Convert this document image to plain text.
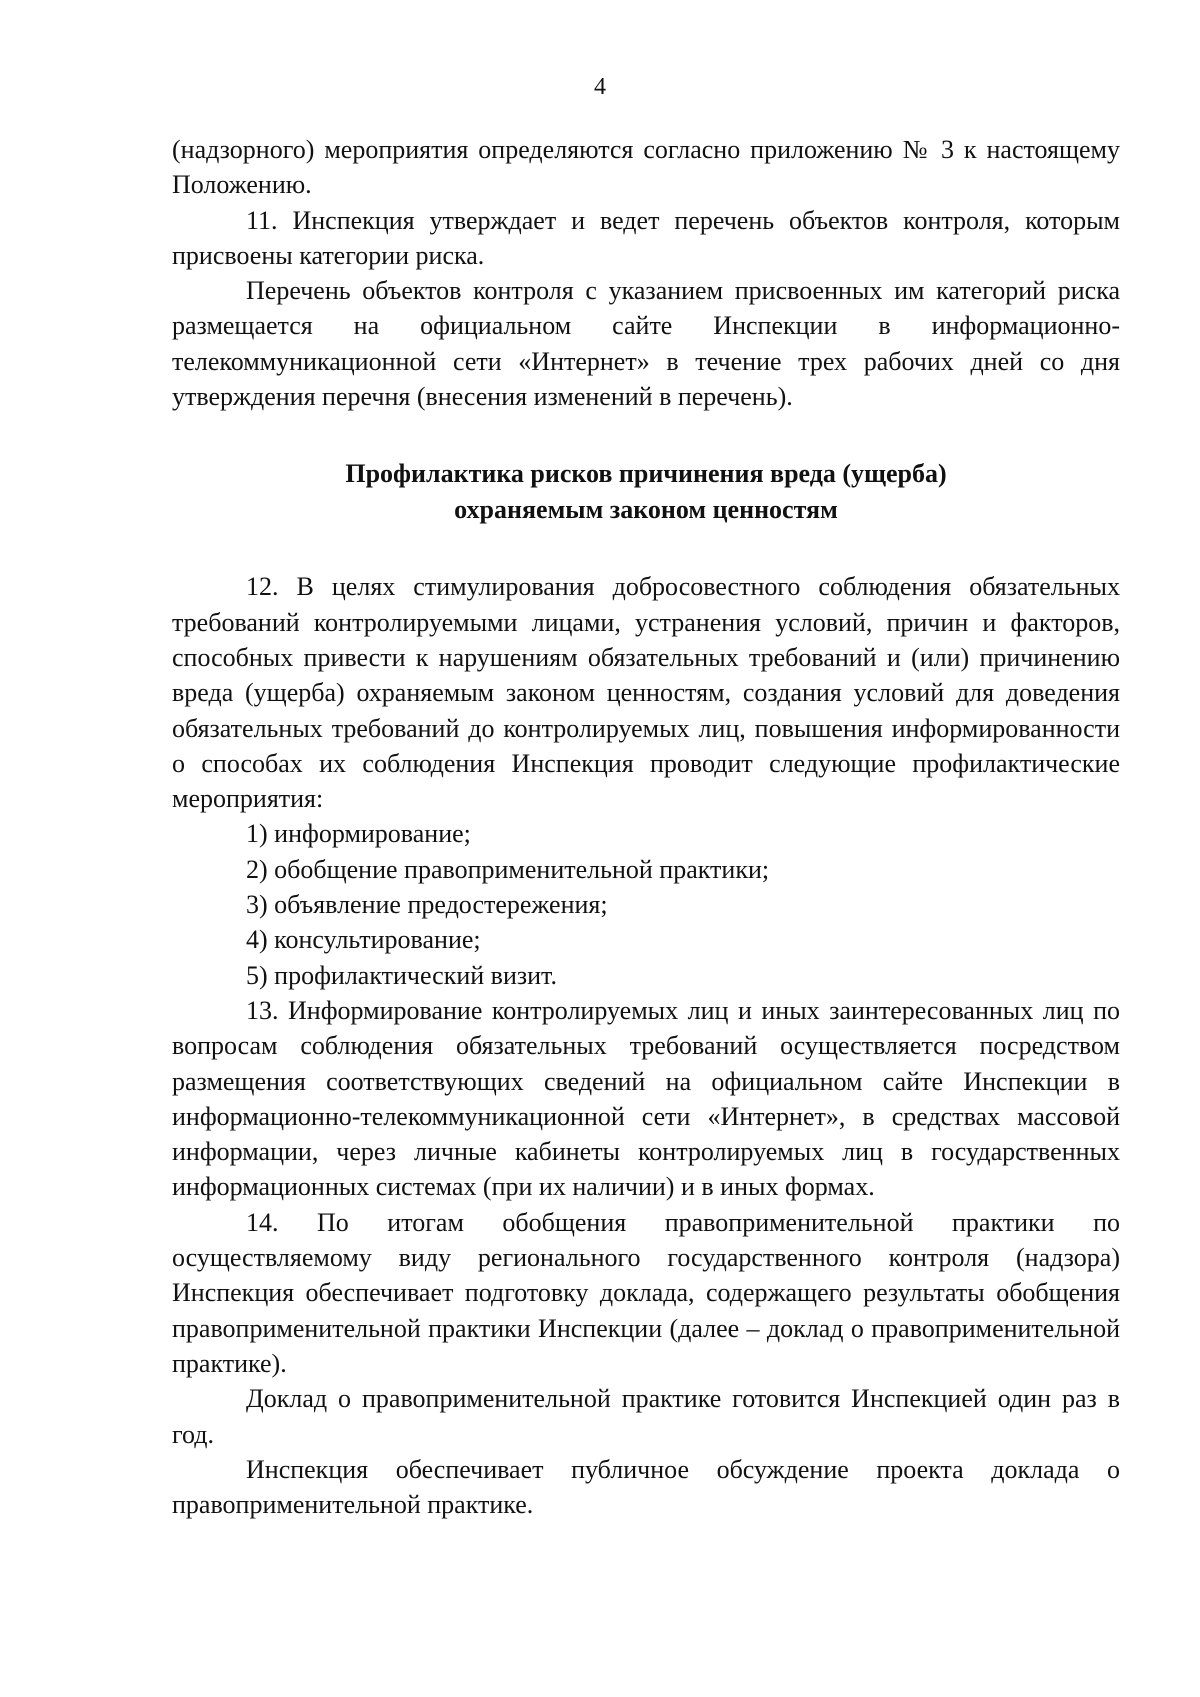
4

(надзорного) мероприятия определяются согласно приложению № 3 к настоящему Положению.

11. Инспекция утверждает и ведет перечень объектов контроля, которым присвоены категории риска.

Перечень объектов контроля с указанием присвоенных им категорий риска размещается на официальном сайте Инспекции в информационно-телекоммуникационной сети «Интернет» в течение трех рабочих дней со дня утверждения перечня (внесения изменений в перечень).

Профилактика рисков причинения вреда (ущерба)
охраняемым законом ценностям

12. В целях стимулирования добросовестного соблюдения обязательных требований контролируемыми лицами, устранения условий, причин и факторов, способных привести к нарушениям обязательных требований и (или) причинению вреда (ущерба) охраняемым законом ценностям, создания условий для доведения обязательных требований до контролируемых лиц, повышения информированности о способах их соблюдения Инспекция проводит следующие профилактические мероприятия:

1) информирование;

2) обобщение правоприменительной практики;

3) объявление предостережения;

4) консультирование;

5) профилактический визит.

13. Информирование контролируемых лиц и иных заинтересованных лиц по вопросам соблюдения обязательных требований осуществляется посредством размещения соответствующих сведений на официальном сайте Инспекции в информационно-телекоммуникационной сети «Интернет», в средствах массовой информации, через личные кабинеты контролируемых лиц в государственных информационных системах (при их наличии) и в иных формах.

14. По итогам обобщения правоприменительной практики по осуществляемому виду регионального государственного контроля (надзора) Инспекция обеспечивает подготовку доклада, содержащего результаты обобщения правоприменительной практики Инспекции (далее – доклад о правоприменительной практике).

Доклад о правоприменительной практике готовится Инспекцией один раз в год.

Инспекция обеспечивает публичное обсуждение проекта доклада о правоприменительной практике.
